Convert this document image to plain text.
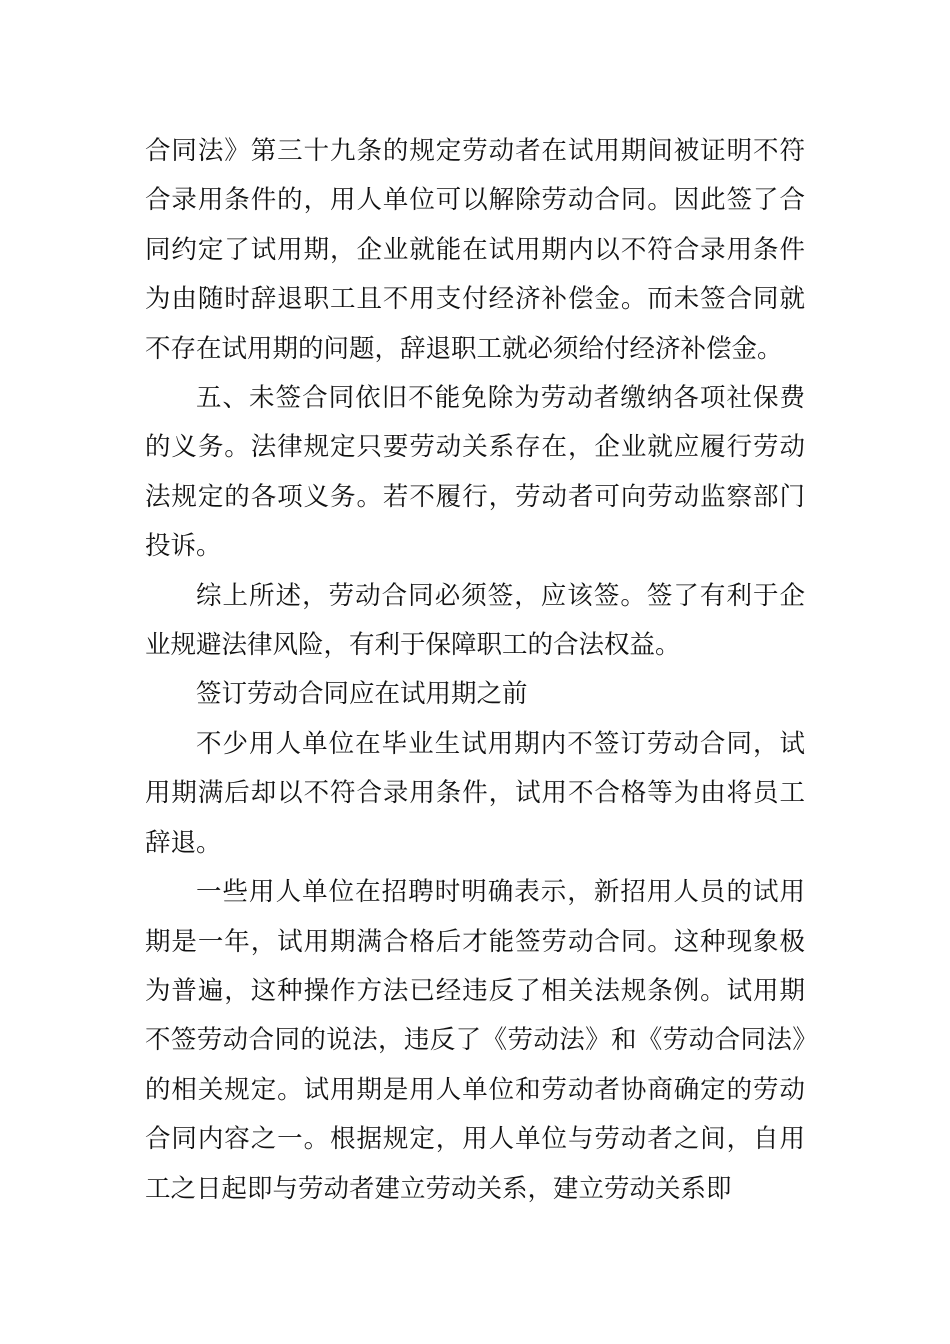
合同法》第三十九条的规定劳动者在试用期间被证明不符合录用条件的，用人单位可以解除劳动合同。因此签了合同约定了试用期，企业就能在试用期内以不符合录用条件为由随时辞退职工且不用支付经济补偿金。而未签合同就不存在试用期的问题，辞退职工就必须给付经济补偿金。

五、未签合同依旧不能免除为劳动者缴纳各项社保费的义务。法律规定只要劳动关系存在，企业就应履行劳动法规定的各项义务。若不履行，劳动者可向劳动监察部门投诉。

综上所述，劳动合同必须签，应该签。签了有利于企业规避法律风险，有利于保障职工的合法权益。

签订劳动合同应在试用期之前

不少用人单位在毕业生试用期内不签订劳动合同，试用期满后却以不符合录用条件，试用不合格等为由将员工辞退。

一些用人单位在招聘时明确表示，新招用人员的试用期是一年，试用期满合格后才能签劳动合同。这种现象极为普遍，这种操作方法已经违反了相关法规条例。试用期不签劳动合同的说法，违反了《劳动法》和《劳动合同法》的相关规定。试用期是用人单位和劳动者协商确定的劳动合同内容之一。根据规定，用人单位与劳动者之间，自用工之日起即与劳动者建立劳动关系，建立劳动关系即
